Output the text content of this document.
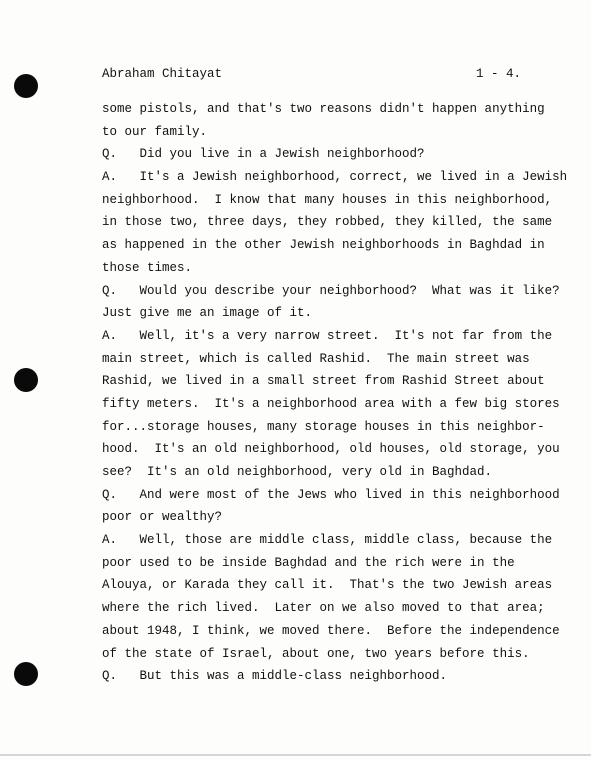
Abraham Chitayat	1 - 4.
some pistols, and that's two reasons didn't happen anything
to our family.
Q.   Did you live in a Jewish neighborhood?
A.   It's a Jewish neighborhood, correct, we lived in a Jewish
neighborhood.  I know that many houses in this neighborhood,
in those two, three days, they robbed, they killed, the same
as happened in the other Jewish neighborhoods in Baghdad in
those times.
Q.   Would you describe your neighborhood?  What was it like?
Just give me an image of it.
A.   Well, it's a very narrow street.  It's not far from the
main street, which is called Rashid.  The main street was
Rashid, we lived in a small street from Rashid Street about
fifty meters.  It's a neighborhood area with a few big stores
for...storage houses, many storage houses in this neighbor-
hood.  It's an old neighborhood, old houses, old storage, you
see?  It's an old neighborhood, very old in Baghdad.
Q.   And were most of the Jews who lived in this neighborhood
poor or wealthy?
A.   Well, those are middle class, middle class, because the
poor used to be inside Baghdad and the rich were in the
Alouya, or Karada they call it.  That's the two Jewish areas
where the rich lived.  Later on we also moved to that area;
about 1948, I think, we moved there.  Before the independence
of the state of Israel, about one, two years before this.
Q.   But this was a middle-class neighborhood.
